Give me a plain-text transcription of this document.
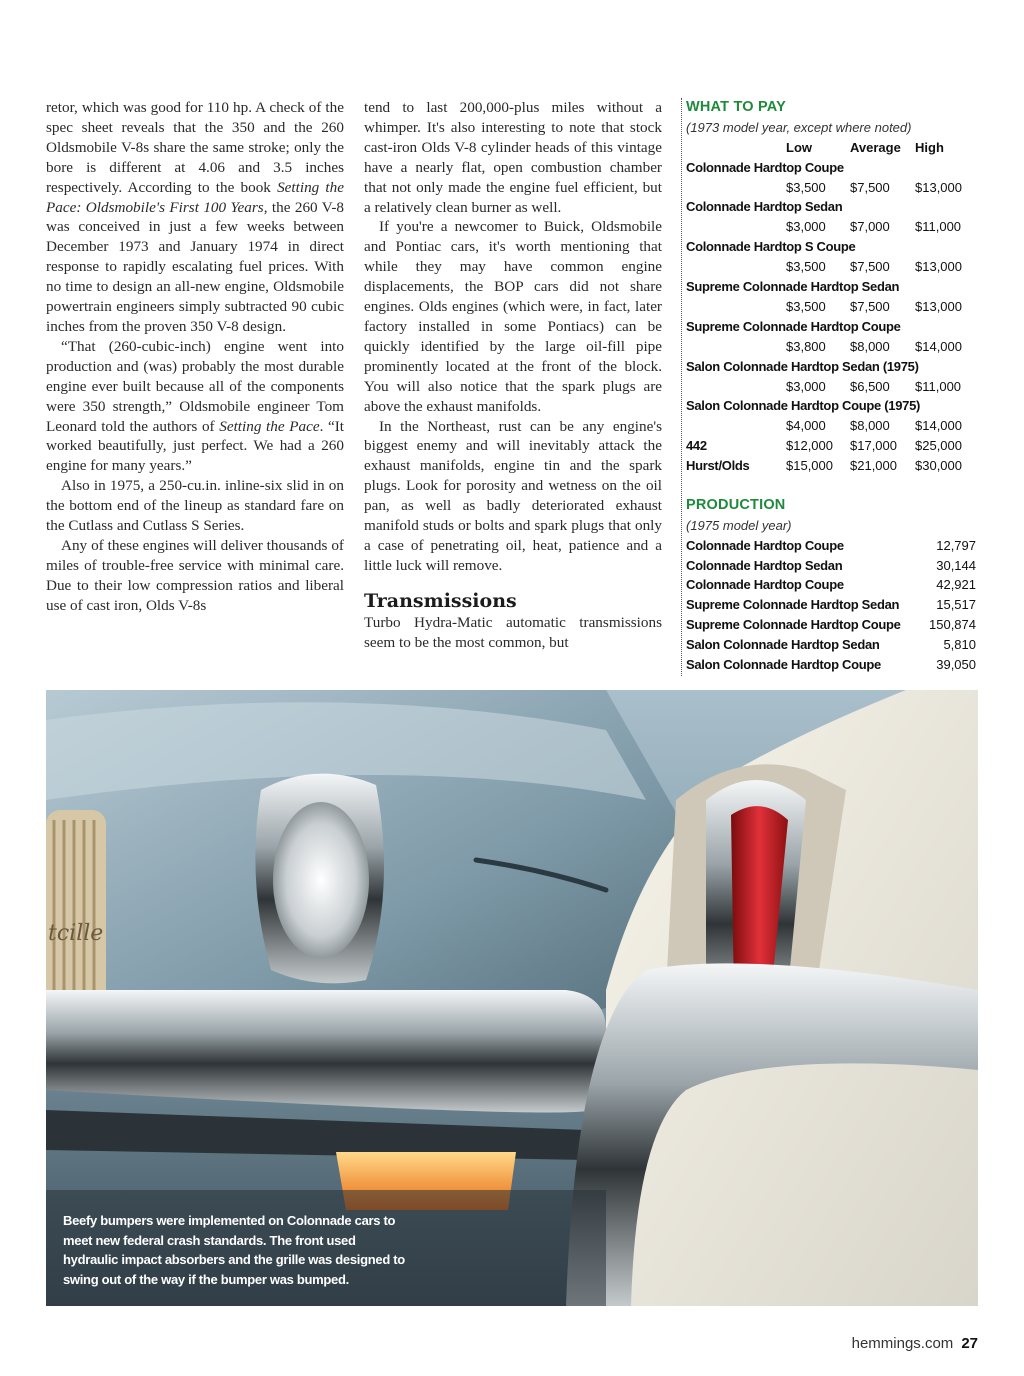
retor, which was good for 110 hp. A check of the spec sheet reveals that the 350 and the 260 Oldsmobile V-8s share the same stroke; only the bore is different at 4.06 and 3.5 inches respectively. According to the book Setting the Pace: Oldsmobile's First 100 Years, the 260 V-8 was conceived in just a few weeks between December 1973 and January 1974 in direct response to rapidly escalating fuel prices. With no time to design an all-new engine, Oldsmobile powertrain engineers simply subtracted 90 cubic inches from the proven 350 V-8 design.

“That (260-cubic-inch) engine went into production and (was) probably the most durable engine ever built because all of the components were 350 strength,” Oldsmobile engineer Tom Leonard told the authors of Setting the Pace. “It worked beautifully, just perfect. We had a 260 engine for many years.”

Also in 1975, a 250-cu.in. inline-six slid in on the bottom end of the lineup as standard fare on the Cutlass and Cutlass S Series.

Any of these engines will deliver thousands of miles of trouble-free service with minimal care. Due to their low compression ratios and liberal use of cast iron, Olds V-8s

tend to last 200,000-plus miles without a whimper. It's also interesting to note that stock cast-iron Olds V-8 cylinder heads of this vintage have a nearly flat, open combustion chamber that not only made the engine fuel efficient, but a relatively clean burner as well.

If you're a newcomer to Buick, Oldsmobile and Pontiac cars, it's worth mentioning that while they may have common engine displacements, the BOP cars did not share engines. Olds engines (which were, in fact, later factory installed in some Pontiacs) can be quickly identified by the large oil-fill pipe prominently located at the front of the block. You will also notice that the spark plugs are above the exhaust manifolds.

In the Northeast, rust can be any engine's biggest enemy and will inevitably attack the exhaust manifolds, engine tin and the spark plugs. Look for porosity and wetness on the oil pan, as well as badly deteriorated exhaust manifold studs or bolts and spark plugs that only a case of penetrating oil, heat, patience and a little luck will remove.

Transmissions

Turbo Hydra-Matic automatic transmissions seem to be the most common, but

WHAT TO PAY
(1973 model year, except where noted)
Low	Average High
Colonnade Hardtop Coupe
$3,500 $7,500 $13,000
Colonnade Hardtop Sedan
$3,000 $7,000 $11,000
Colonnade Hardtop S Coupe
$3,500 $7,500 $13,000
Supreme Colonnade Hardtop Sedan
$3,500 $7,500 $13,000
Supreme Colonnade Hardtop Coupe
$3,800 $8,000 $14,000
Salon Colonnade Hardtop Sedan (1975)
$3,000 $6,500 $11,000
Salon Colonnade Hardtop Coupe (1975)
$4,000 $8,000 $14,000
442	$12,000 $17,000 $25,000
Hurst/Olds	$15,000 $21,000 $30,000
PRODUCTION
(1975 model year)
Colonnade Hardtop Coupe	12,797
Colonnade Hardtop Sedan	30,144
Colonnade Hardtop Coupe	42,921
Supreme Colonnade Hardtop Sedan	15,517
Supreme Colonnade Hardtop Coupe 150,874
Salon Colonnade Hardtop Sedan	5,810
Salon Colonnade Hardtop Coupe	39,050
tcille
Beefy bumpers were implemented on Colonnade cars to meet new federal crash standards. The front used hydraulic impact absorbers and the grille was designed to swing out of the way if the bumper was bumped.
hemmings.com 27
